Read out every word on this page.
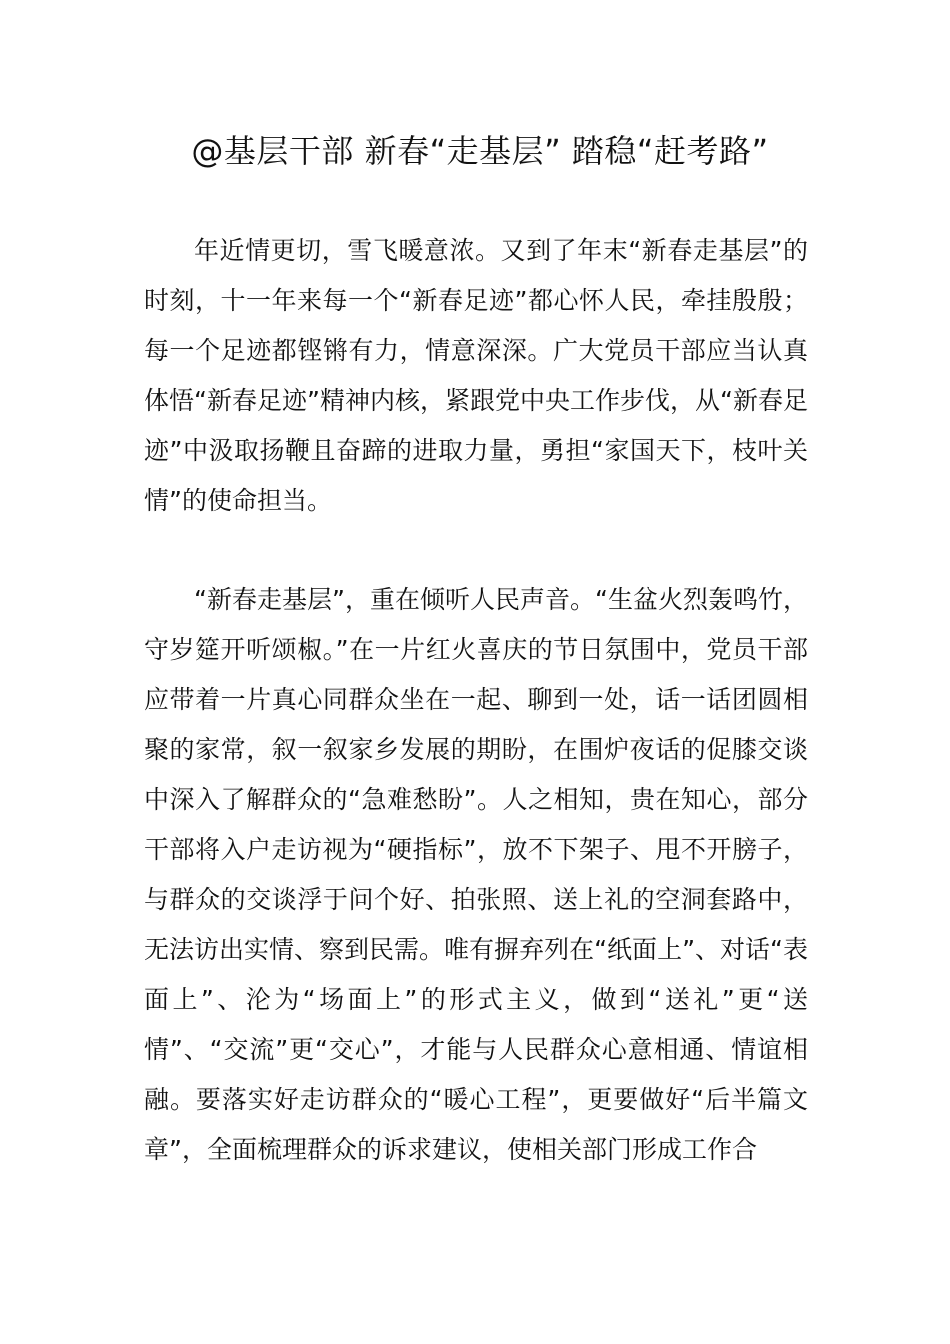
@基层干部 新春“走基层” 踏稳“赶考路”

年近情更切，雪飞暖意浓。又到了年末“新春走基层”的时刻，十一年来每一个“新春足迹”都心怀人民，牵挂殷殷；每一个足迹都铿锵有力，情意深深。广大党员干部应当认真体悟“新春足迹”精神内核，紧跟党中央工作步伐，从“新春足迹”中汲取扬鞭且奋蹄的进取力量，勇担“家国天下，枝叶关情”的使命担当。

“新春走基层”，重在倾听人民声音。“生盆火烈轰鸣竹，守岁筵开听颂椒。”在一片红火喜庆的节日氛围中，党员干部应带着一片真心同群众坐在一起、聊到一处，话一话团圆相聚的家常，叙一叙家乡发展的期盼，在围炉夜话的促膝交谈中深入了解群众的“急难愁盼”。人之相知，贵在知心，部分干部将入户走访视为“硬指标”，放不下架子、甩不开膀子，与群众的交谈浮于问个好、拍张照、送上礼的空洞套路中，无法访出实情、察到民需。唯有摒弃列在“纸面上”、对话“表面上”、沦为“场面上”的形式主义，做到“送礼”更“送情”、“交流”更“交心”，才能与人民群众心意相通、情谊相融。要落实好走访群众的“暖心工程”，更要做好“后半篇文章”，全面梳理群众的诉求建议，使相关部门形成工作合
